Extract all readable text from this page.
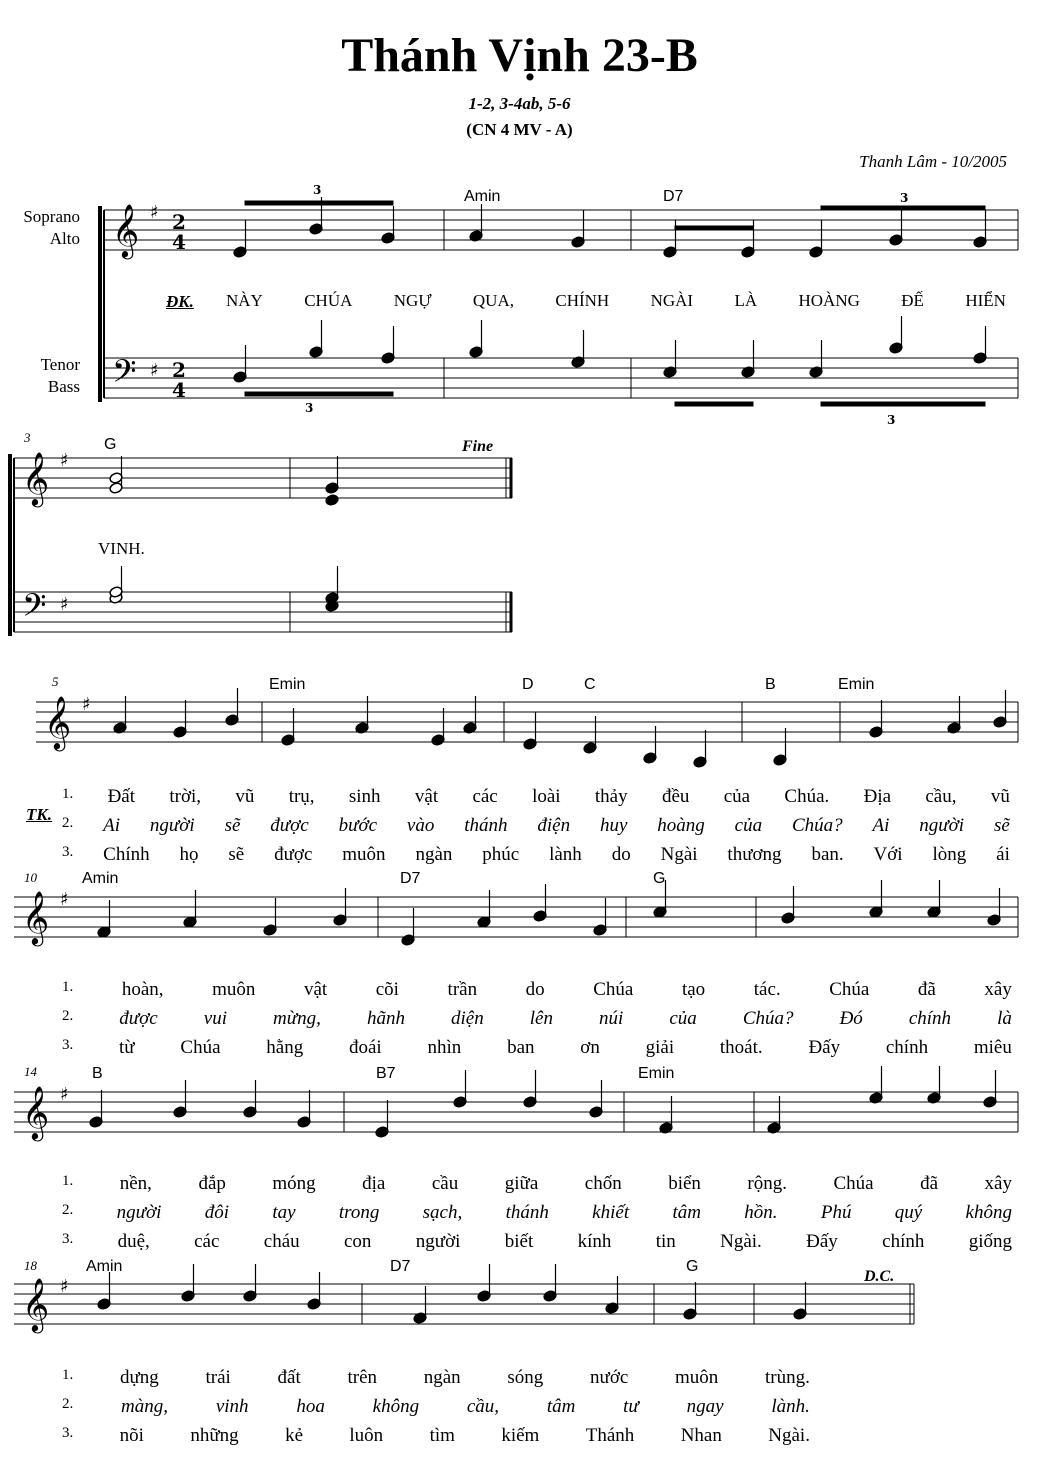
Thánh Vịnh 23-B
1-2, 3-4ab, 5-6
(CN 4 MV - A)
Thanh Lâm - 10/2005
Soprano
Alto
Tenor
Bass
𝄞
𝄢
♯
♯
2
4
2
4
𝄞
𝄢
♯
♯
𝄞 ♯
𝄞 ♯
𝄞 ♯
𝄞 ♯
3
3
3
3
3
5
10
14
18
Amin	D7
G	Fine
ĐK. NÀY CHÚA NGỰ QUA, CHÍNH NGÀI LÀ HOÀNG ĐẾ HIỂN
VINH.
Emin	D	C	B	Emin
TK.
1. Đất trời, vũ trụ, sinh vật các loài thảy đều của Chúa. Địa cầu, vũ
2. Ai người sẽ được bước vào thánh điện huy hoàng của Chúa? Ai người sẽ
3. Chính họ sẽ được muôn ngàn phúc lành do Ngài thương ban. Với lòng ái
1.	hoàn,	muôn	vật	cõi	trần	do	Chúa	tạo	tác.	Chúa	đã	xây
2. được vui mừng, hãnh diện lên núi của Chúa? Đó chính là
3. từ Chúa hằng đoái nhìn ban ơn giải thoát. Đấy chính miêu
1. nền, đắp móng địa cầu giữa chốn biển rộng. Chúa đã xây
2. người đôi tay trong sạch, thánh khiết tâm hồn. Phú quý không
3. duệ, các cháu con người biết kính tin Ngài. Đấy chính giống
1. dựng trái đất trên ngàn sóng nước muôn trùng.
2.	màng,	vinh	hoa	không	cầu,	tâm	tư	ngay	lành.
3. nõi những kẻ luôn tìm kiếm Thánh Nhan Ngài.
Amin	D7	G
B	B7	Emin
Amin	D7	G
D.C.
